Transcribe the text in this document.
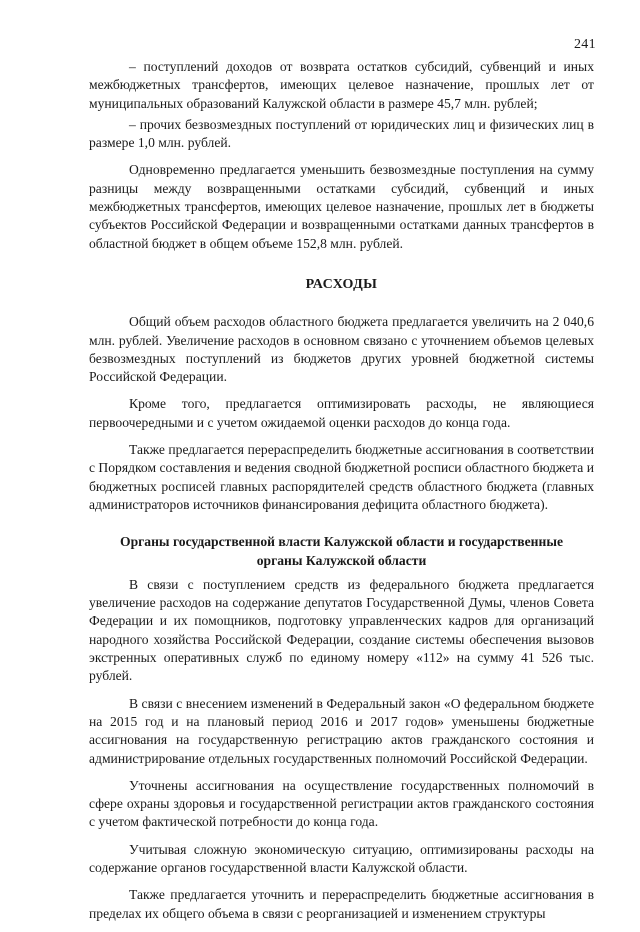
241

– поступлений доходов от возврата остатков субсидий, субвенций и иных межбюджетных трансфертов, имеющих целевое назначение, прошлых лет от муниципальных образований Калужской области в размере 45,7 млн. рублей;

– прочих безвозмездных поступлений от юридических лиц и физических лиц в размере 1,0 млн. рублей.

Одновременно предлагается уменьшить безвозмездные поступления на сумму разницы между возвращенными остатками субсидий, субвенций и иных межбюджетных трансфертов, имеющих целевое назначение, прошлых лет в бюджеты субъектов Российской Федерации и возвращенными остатками данных трансфертов в областной бюджет в общем объеме 152,8 млн. рублей.

РАСХОДЫ

Общий объем расходов областного бюджета предлагается увеличить на 2 040,6 млн. рублей. Увеличение расходов в основном связано с уточнением объемов целевых безвозмездных поступлений из бюджетов других уровней бюджетной системы Российской Федерации.

Кроме того, предлагается оптимизировать расходы, не являющиеся первоочередными и с учетом ожидаемой оценки расходов до конца года.

Также предлагается перераспределить бюджетные ассигнования в соответствии с Порядком составления и ведения сводной бюджетной росписи областного бюджета и бюджетных росписей главных распорядителей средств областного бюджета (главных администраторов источников финансирования дефицита областного бюджета).

Органы государственной власти Калужской области и государственные органы Калужской области

В связи с поступлением средств из федерального бюджета предлагается увеличение расходов на содержание депутатов Государственной Думы, членов Совета Федерации и их помощников, подготовку управленческих кадров для организаций народного хозяйства Российской Федерации, создание системы обеспечения вызовов экстренных оперативных служб по единому номеру «112» на сумму 41 526 тыс. рублей.

В связи с внесением изменений в Федеральный закон «О федеральном бюджете на 2015 год и на плановый период 2016 и 2017 годов» уменьшены бюджетные ассигнования на государственную регистрацию актов гражданского состояния и администрирование отдельных государственных полномочий Российской Федерации.

Уточнены ассигнования на осуществление государственных полномочий в сфере охраны здоровья и государственной регистрации актов гражданского состояния с учетом фактической потребности до конца года.

Учитывая сложную экономическую ситуацию, оптимизированы расходы на содержание органов государственной власти Калужской области.

Также предлагается уточнить и перераспределить бюджетные ассигнования в пределах их общего объема в связи с реорганизацией и изменением структуры
